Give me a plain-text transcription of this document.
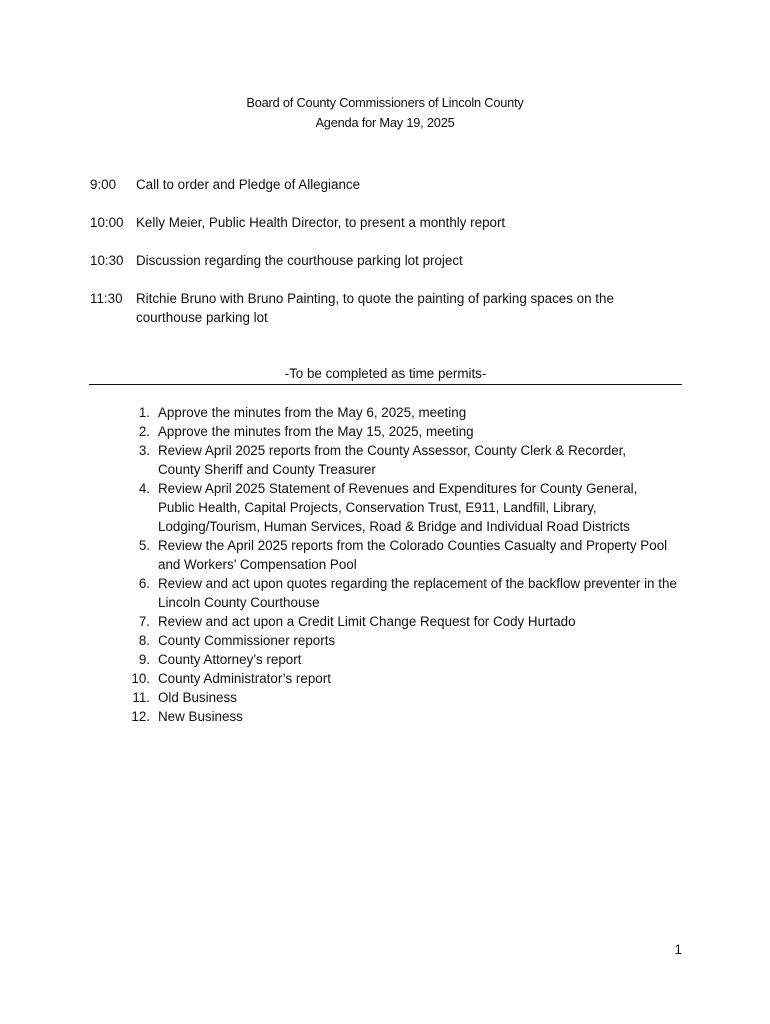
Board of County Commissioners of Lincoln County
Agenda for May 19, 2025
9:00	Call to order and Pledge of Allegiance
10:00 Kelly Meier, Public Health Director, to present a monthly report
10:30 Discussion regarding the courthouse parking lot project
11:30	Ritchie Bruno with Bruno Painting, to quote the painting of parking spaces on the courthouse parking lot
-To be completed as time permits-
1. Approve the minutes from the May 6, 2025, meeting
2. Approve the minutes from the May 15, 2025, meeting
3. Review April 2025 reports from the County Assessor, County Clerk & Recorder, County Sheriff and County Treasurer
4. Review April 2025 Statement of Revenues and Expenditures for County General, Public Health, Capital Projects, Conservation Trust, E911, Landfill, Library, Lodging/Tourism, Human Services, Road & Bridge and Individual Road Districts
5. Review the April 2025 reports from the Colorado Counties Casualty and Property Pool and Workers’ Compensation Pool
6. Review and act upon quotes regarding the replacement of the backflow preventer in the Lincoln County Courthouse
7. Review and act upon a Credit Limit Change Request for Cody Hurtado
8. County Commissioner reports
9. County Attorney’s report
10. County Administrator’s report
11. Old Business
12. New Business
1
